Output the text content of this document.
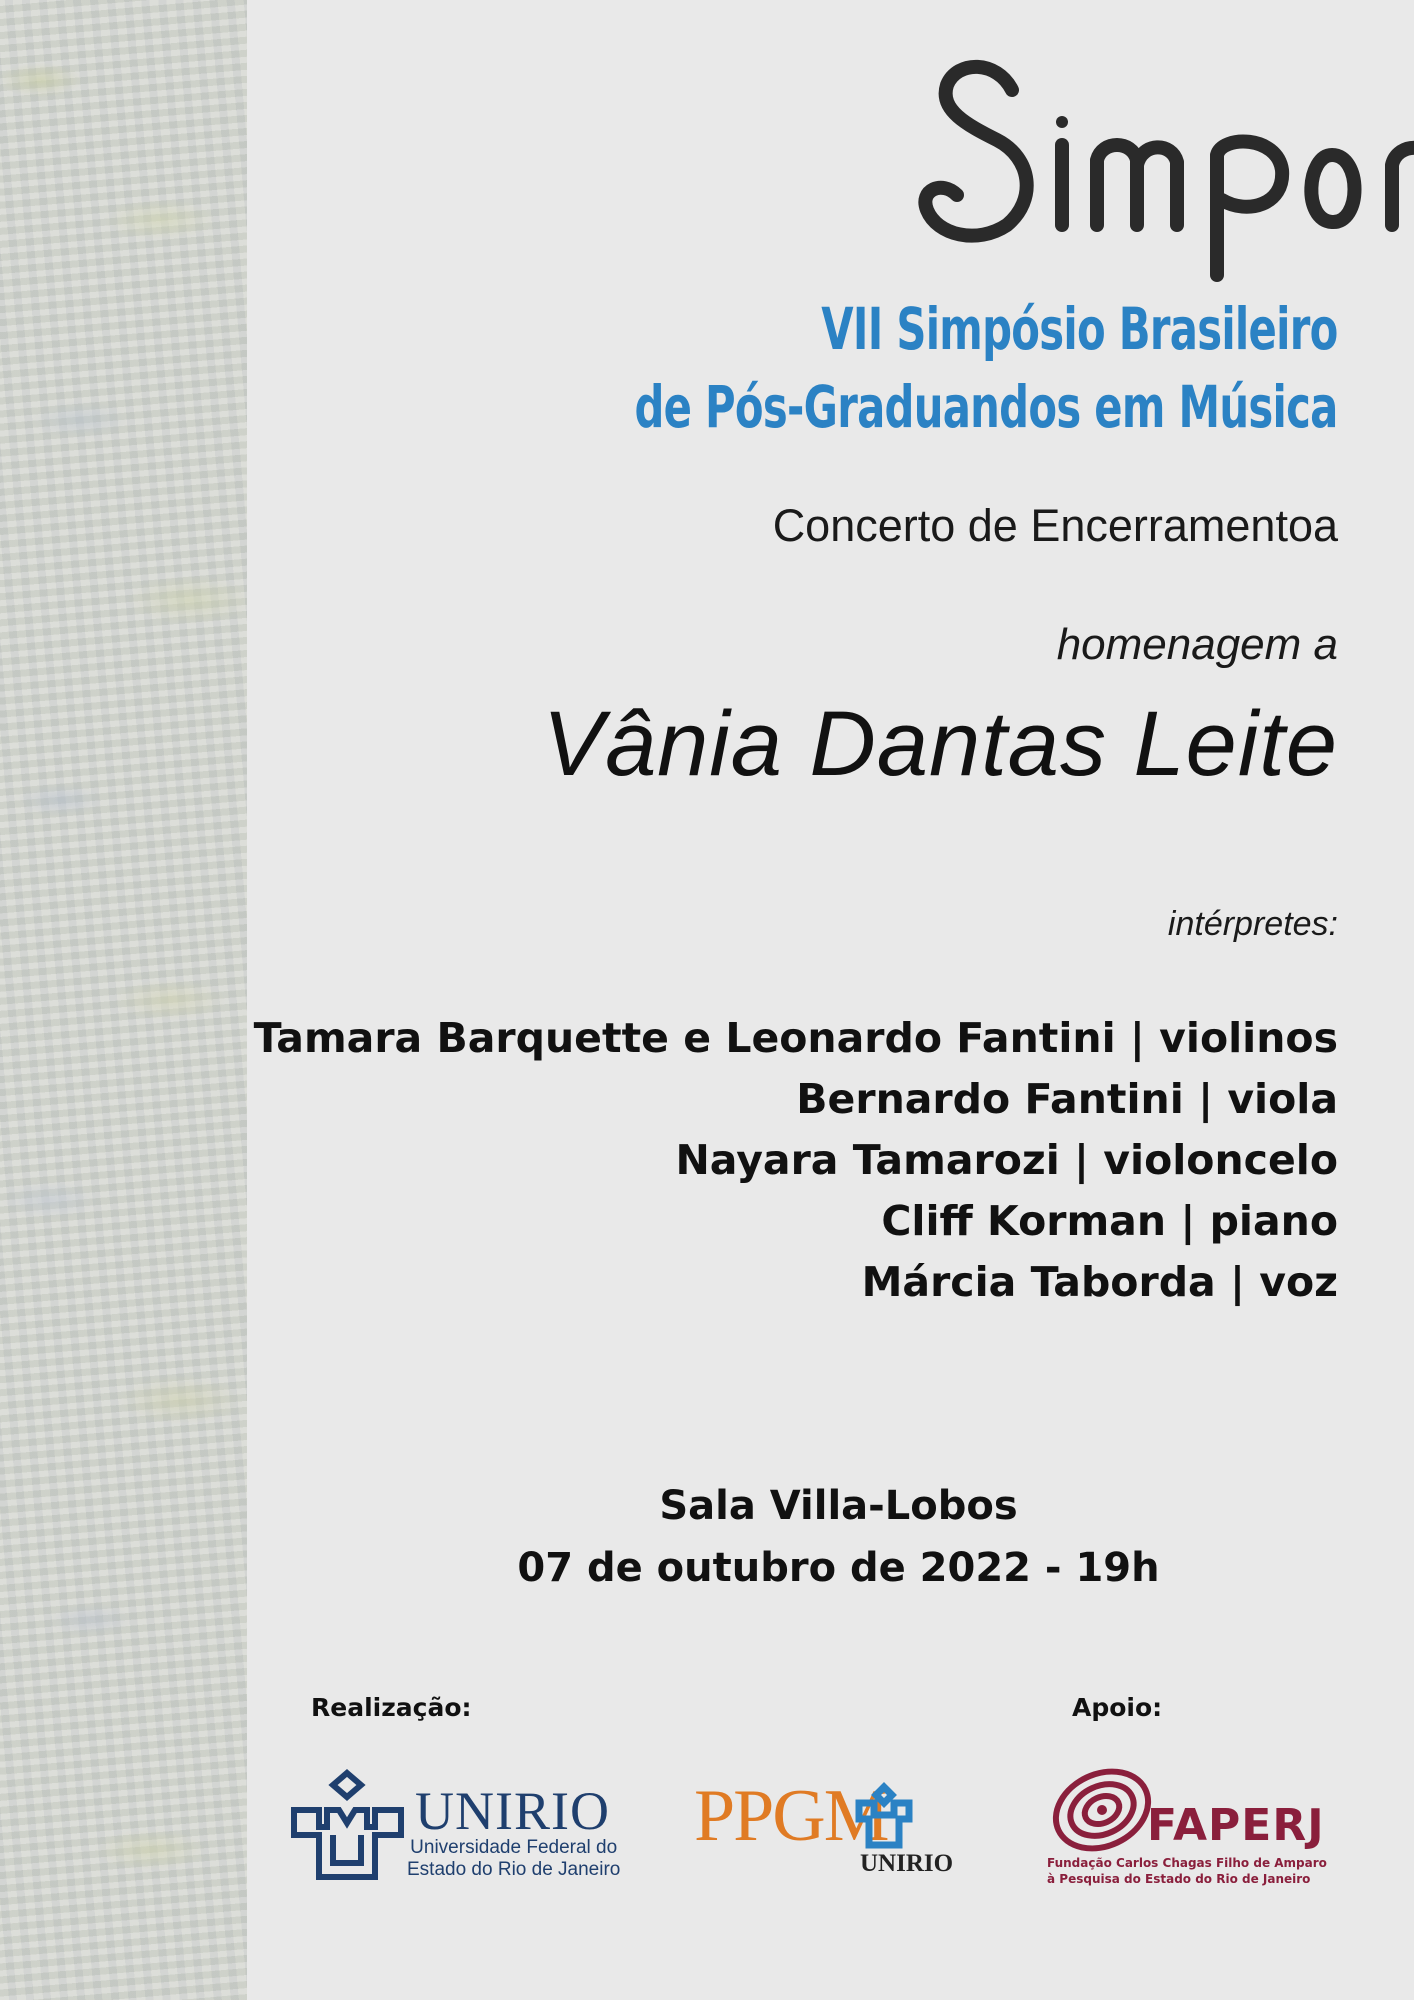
VII Simpósio Brasileiro
de Pós-Graduandos em Música
Concerto de Encerramentoa
homenagem a
Vânia Dantas Leite
intérpretes:
Tamara Barquette e Leonardo Fantini | violinos
Bernardo Fantini | viola
Nayara Tamarozi | violoncelo
Cliff Korman | piano
Márcia Taborda | voz
Sala Villa-Lobos
07 de outubro de 2022 - 19h
Realização:	Apoio:
UNIRIO
Universidade Federal do
Estado do Rio de Janeiro
PPGM
UNIRIO
FAPERJ
Fundação Carlos Chagas Filho de Amparo
à Pesquisa do Estado do Rio de Janeiro
